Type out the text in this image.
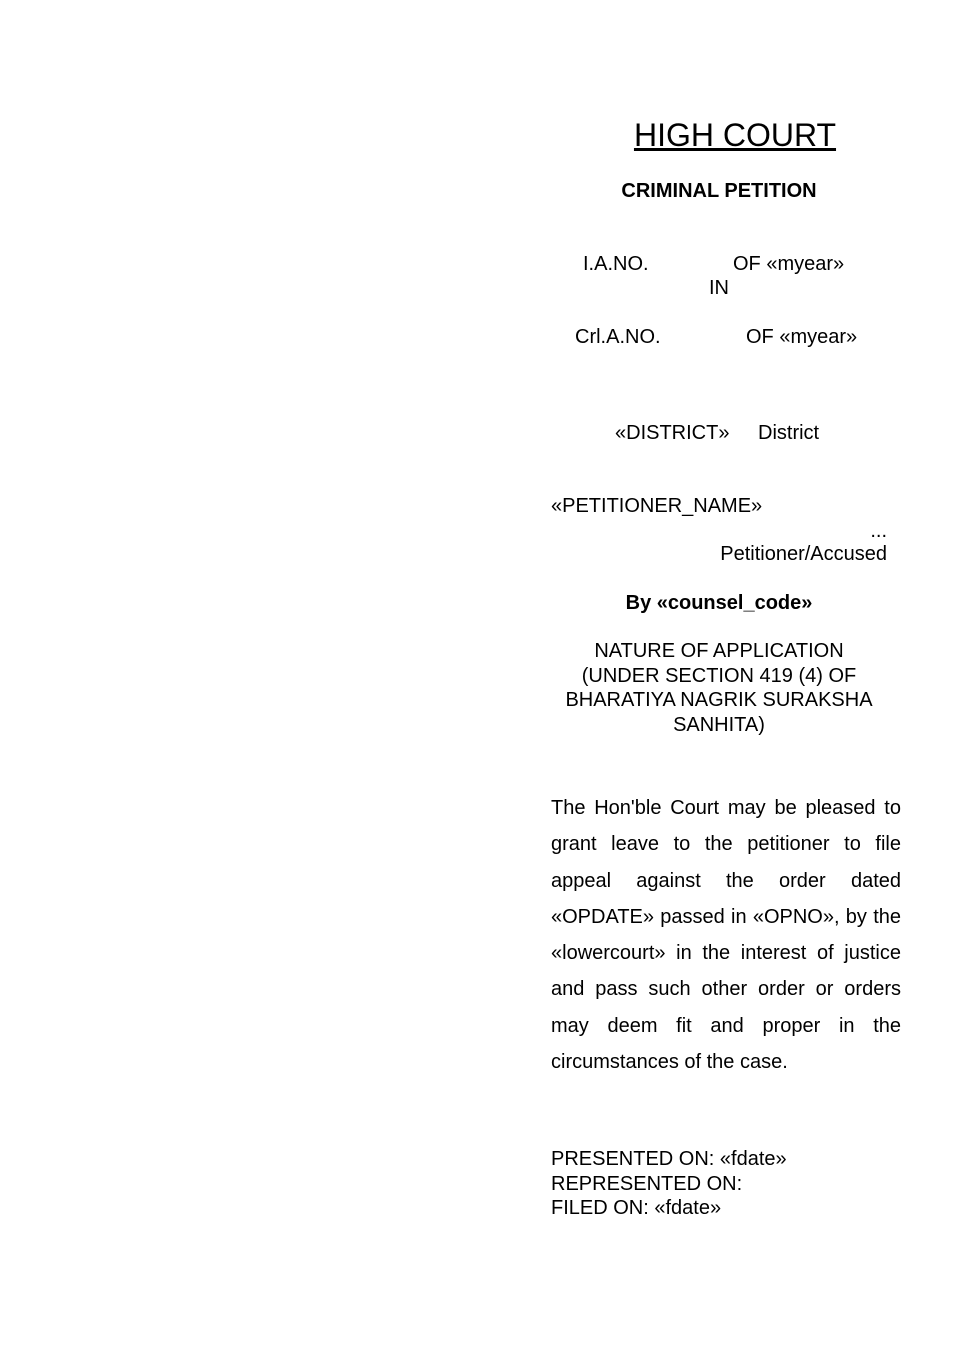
HIGH COURT
CRIMINAL PETITION
I.A.NO.	OF «myear»
IN
Crl.A.NO.	OF «myear»
«DISTRICT» District
«PETITIONER_NAME»
...
Petitioner/Accused
By «counsel_code»
NATURE OF APPLICATION
(UNDER SECTION 419 (4) OF
BHARATIYA NAGRIK SURAKSHA
SANHITA)
The Hon'ble Court may be pleased to grant leave to the petitioner to file appeal against the order dated «OPDATE» passed in «OPNO», by the «lowercourt» in the interest of justice and pass such other order or orders may deem fit and proper in the circumstances of the case.
PRESENTED ON: «fdate»
REPRESENTED ON:
FILED ON: «fdate»
